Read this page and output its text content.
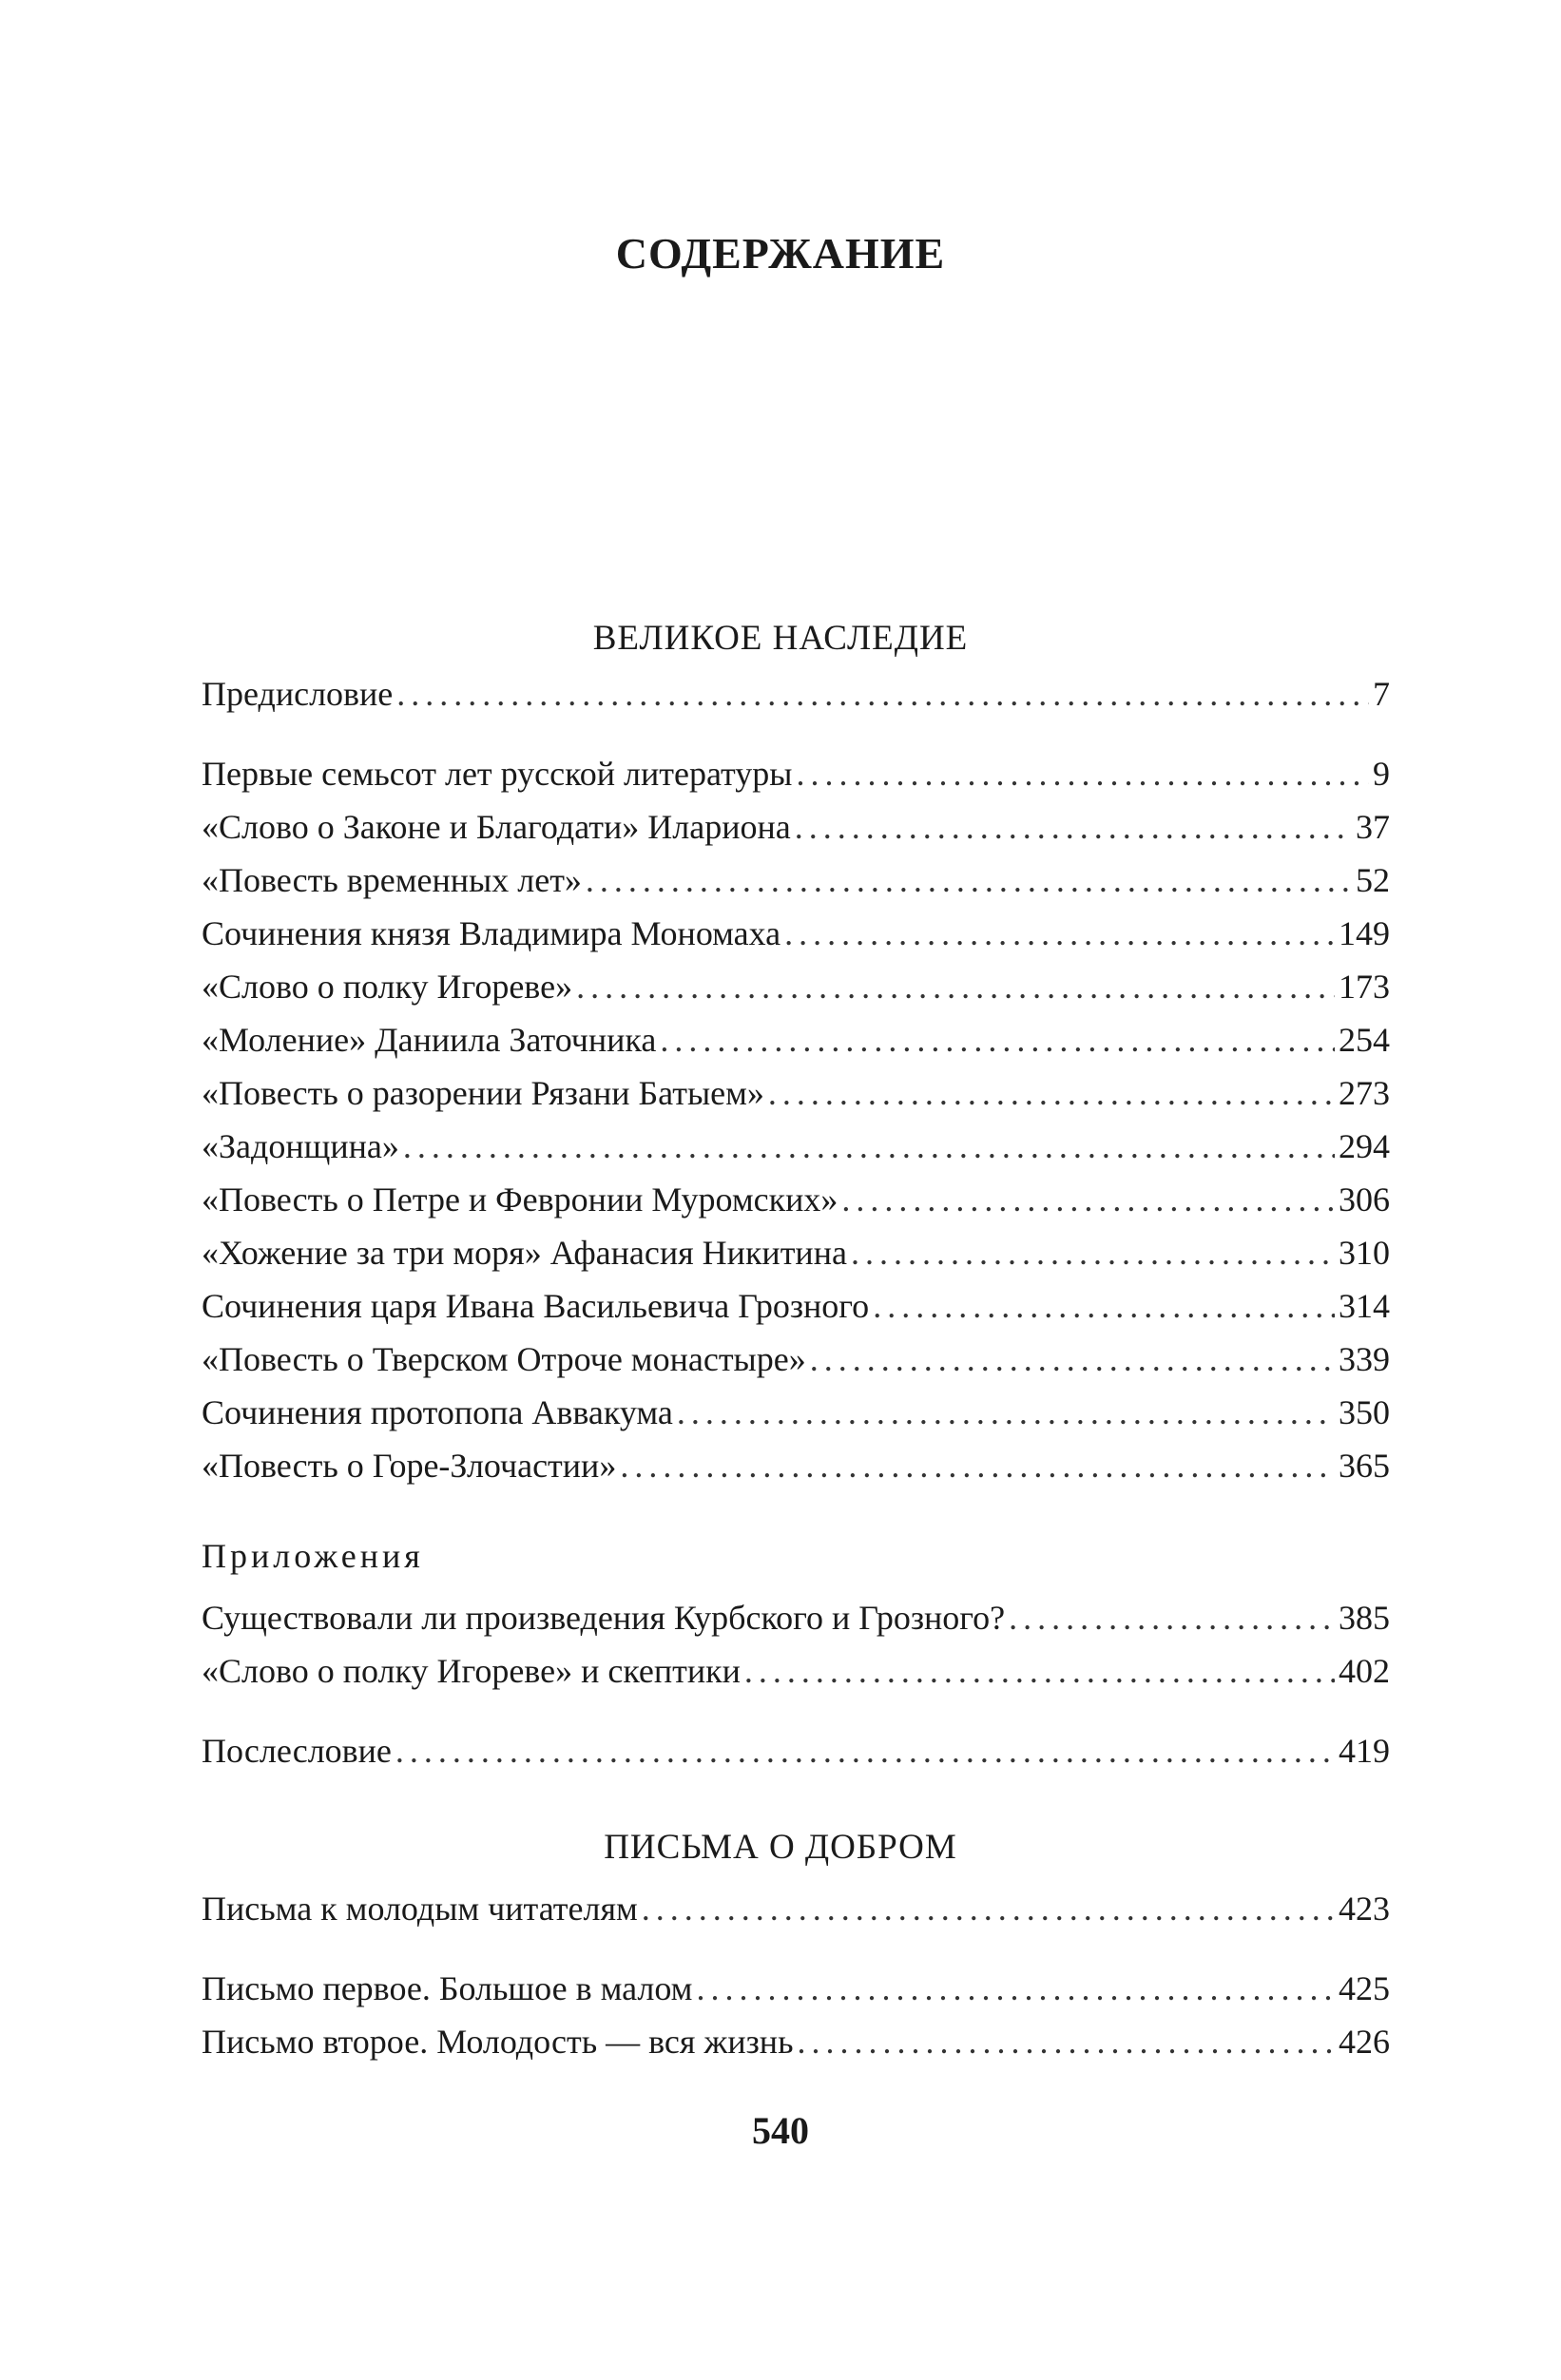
СОДЕРЖАНИЕ
ВЕЛИКОЕ НАСЛЕДИЕ
Предисловие .....	7
Первые семьсот лет русской литературы .....	9
«Слово о Законе и Благодати» Илариона .....	37
«Повесть временных лет» .....	52
Сочинения князя Владимира Мономаха .....	149
«Слово о полку Игореве» .....	173
«Моление» Даниила Заточника .....	254
«Повесть о разорении Рязани Батыем» .....	273
«Задонщина» .....	294
«Повесть о Петре и Февронии Муромских» .....	306
«Хожение за три моря» Афанасия Никитина .....	310
Сочинения царя Ивана Васильевича Грозного .....	314
«Повесть о Тверском Отроче монастыре» .....	339
Сочинения протопопа Аввакума .....	350
«Повесть о Горе-Злочастии» .....	365
Приложения
Существовали ли произведения Курбского и Грозного? .....	385
«Слово о полку Игореве» и скептики .....	402
Послесловие .....	419
ПИСЬМА О ДОБРОМ
Письма к молодым читателям .....	423
Письмо первое. Большое в малом .....	425
Письмо второе. Молодость — вся жизнь .....	426
540
